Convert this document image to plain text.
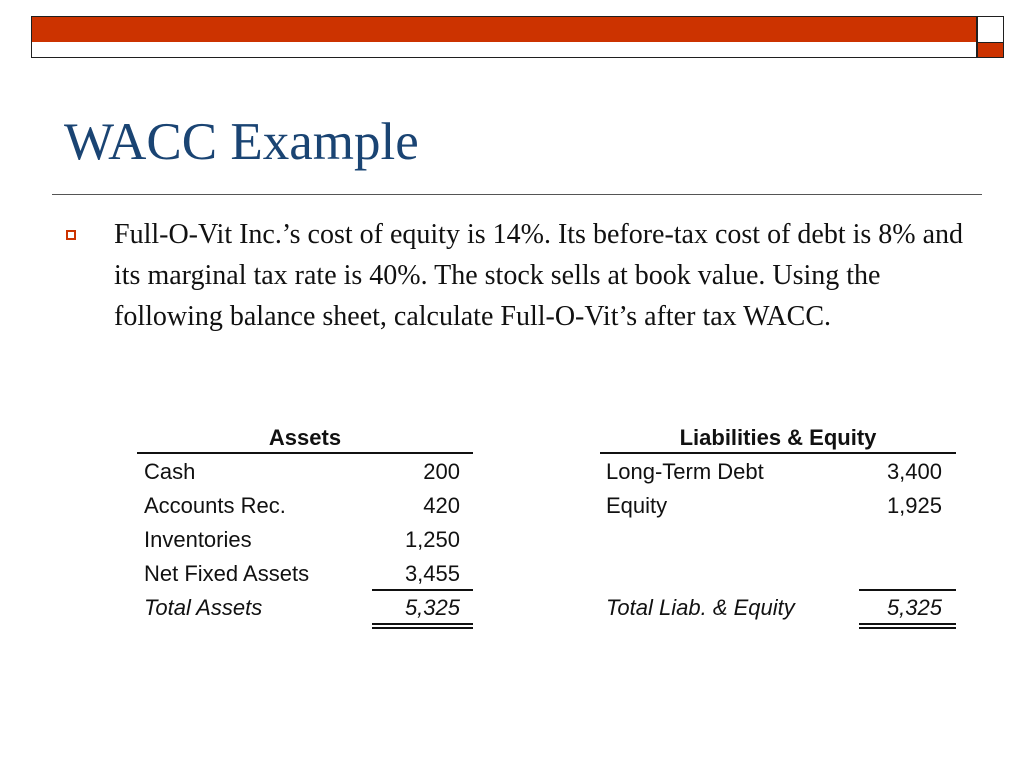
WACC Example

Full-O-Vit Inc.’s cost of equity is 14%. Its before-tax cost of debt is 8% and its marginal tax rate is 40%. The stock sells at book value. Using the following balance sheet, calculate Full-O-Vit’s after tax WACC.

Assets
Cash	200
Accounts Rec.	420
Inventories	1,250
Net Fixed Assets	3,455
Total Assets	5,325
Liabilities & Equity
Long-Term Debt	3,400
Equity	1,925
Total Liab. & Equity	5,325
